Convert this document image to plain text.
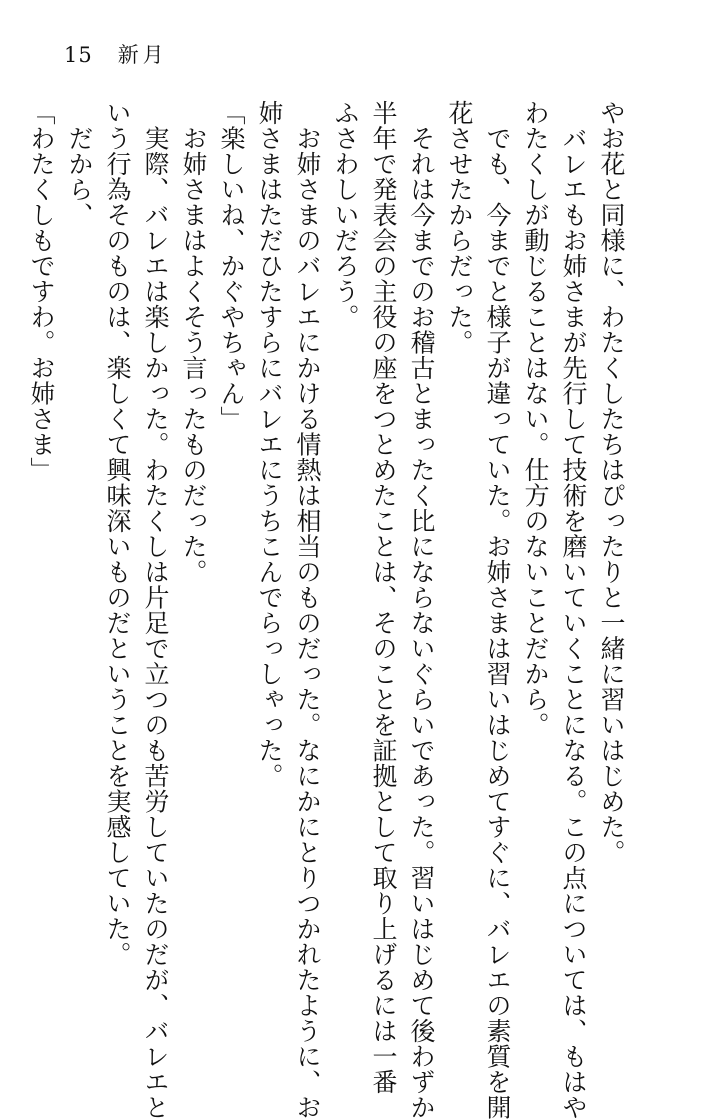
15 新月
やお花と同様に、わたくしたちはぴったりと一緒に習いはじめた。
　バレエもお姉さまが先行して技術を磨いていくことになる。この点については、もはや
わたくしが動じることはない。仕方のないことだから。
　でも、今までと様子が違っていた。お姉さまは習いはじめてすぐに、バレエの素質を開
花させたからだった。
　それは今までのお稽古とまったく比にならないぐらいであった。習いはじめて後わずか
半年で発表会の主役の座をつとめたことは、そのことを証拠として取り上げるには一番
ふさわしいだろう。
　お姉さまのバレエにかける情熱は相当のものだった。なにかにとりつかれたように、お
姉さまはただひたすらにバレエにうちこんでらっしゃった。
「楽しいね、かぐやちゃん」
　お姉さまはよくそう言ったものだった。
　実際、バレエは楽しかった。わたくしは片足で立つのも苦労していたのだが、バレエと
いう行為そのものは、楽しくて興味深いものだということを実感していた。
　だから、
「わたくしもですわ。お姉さま」
